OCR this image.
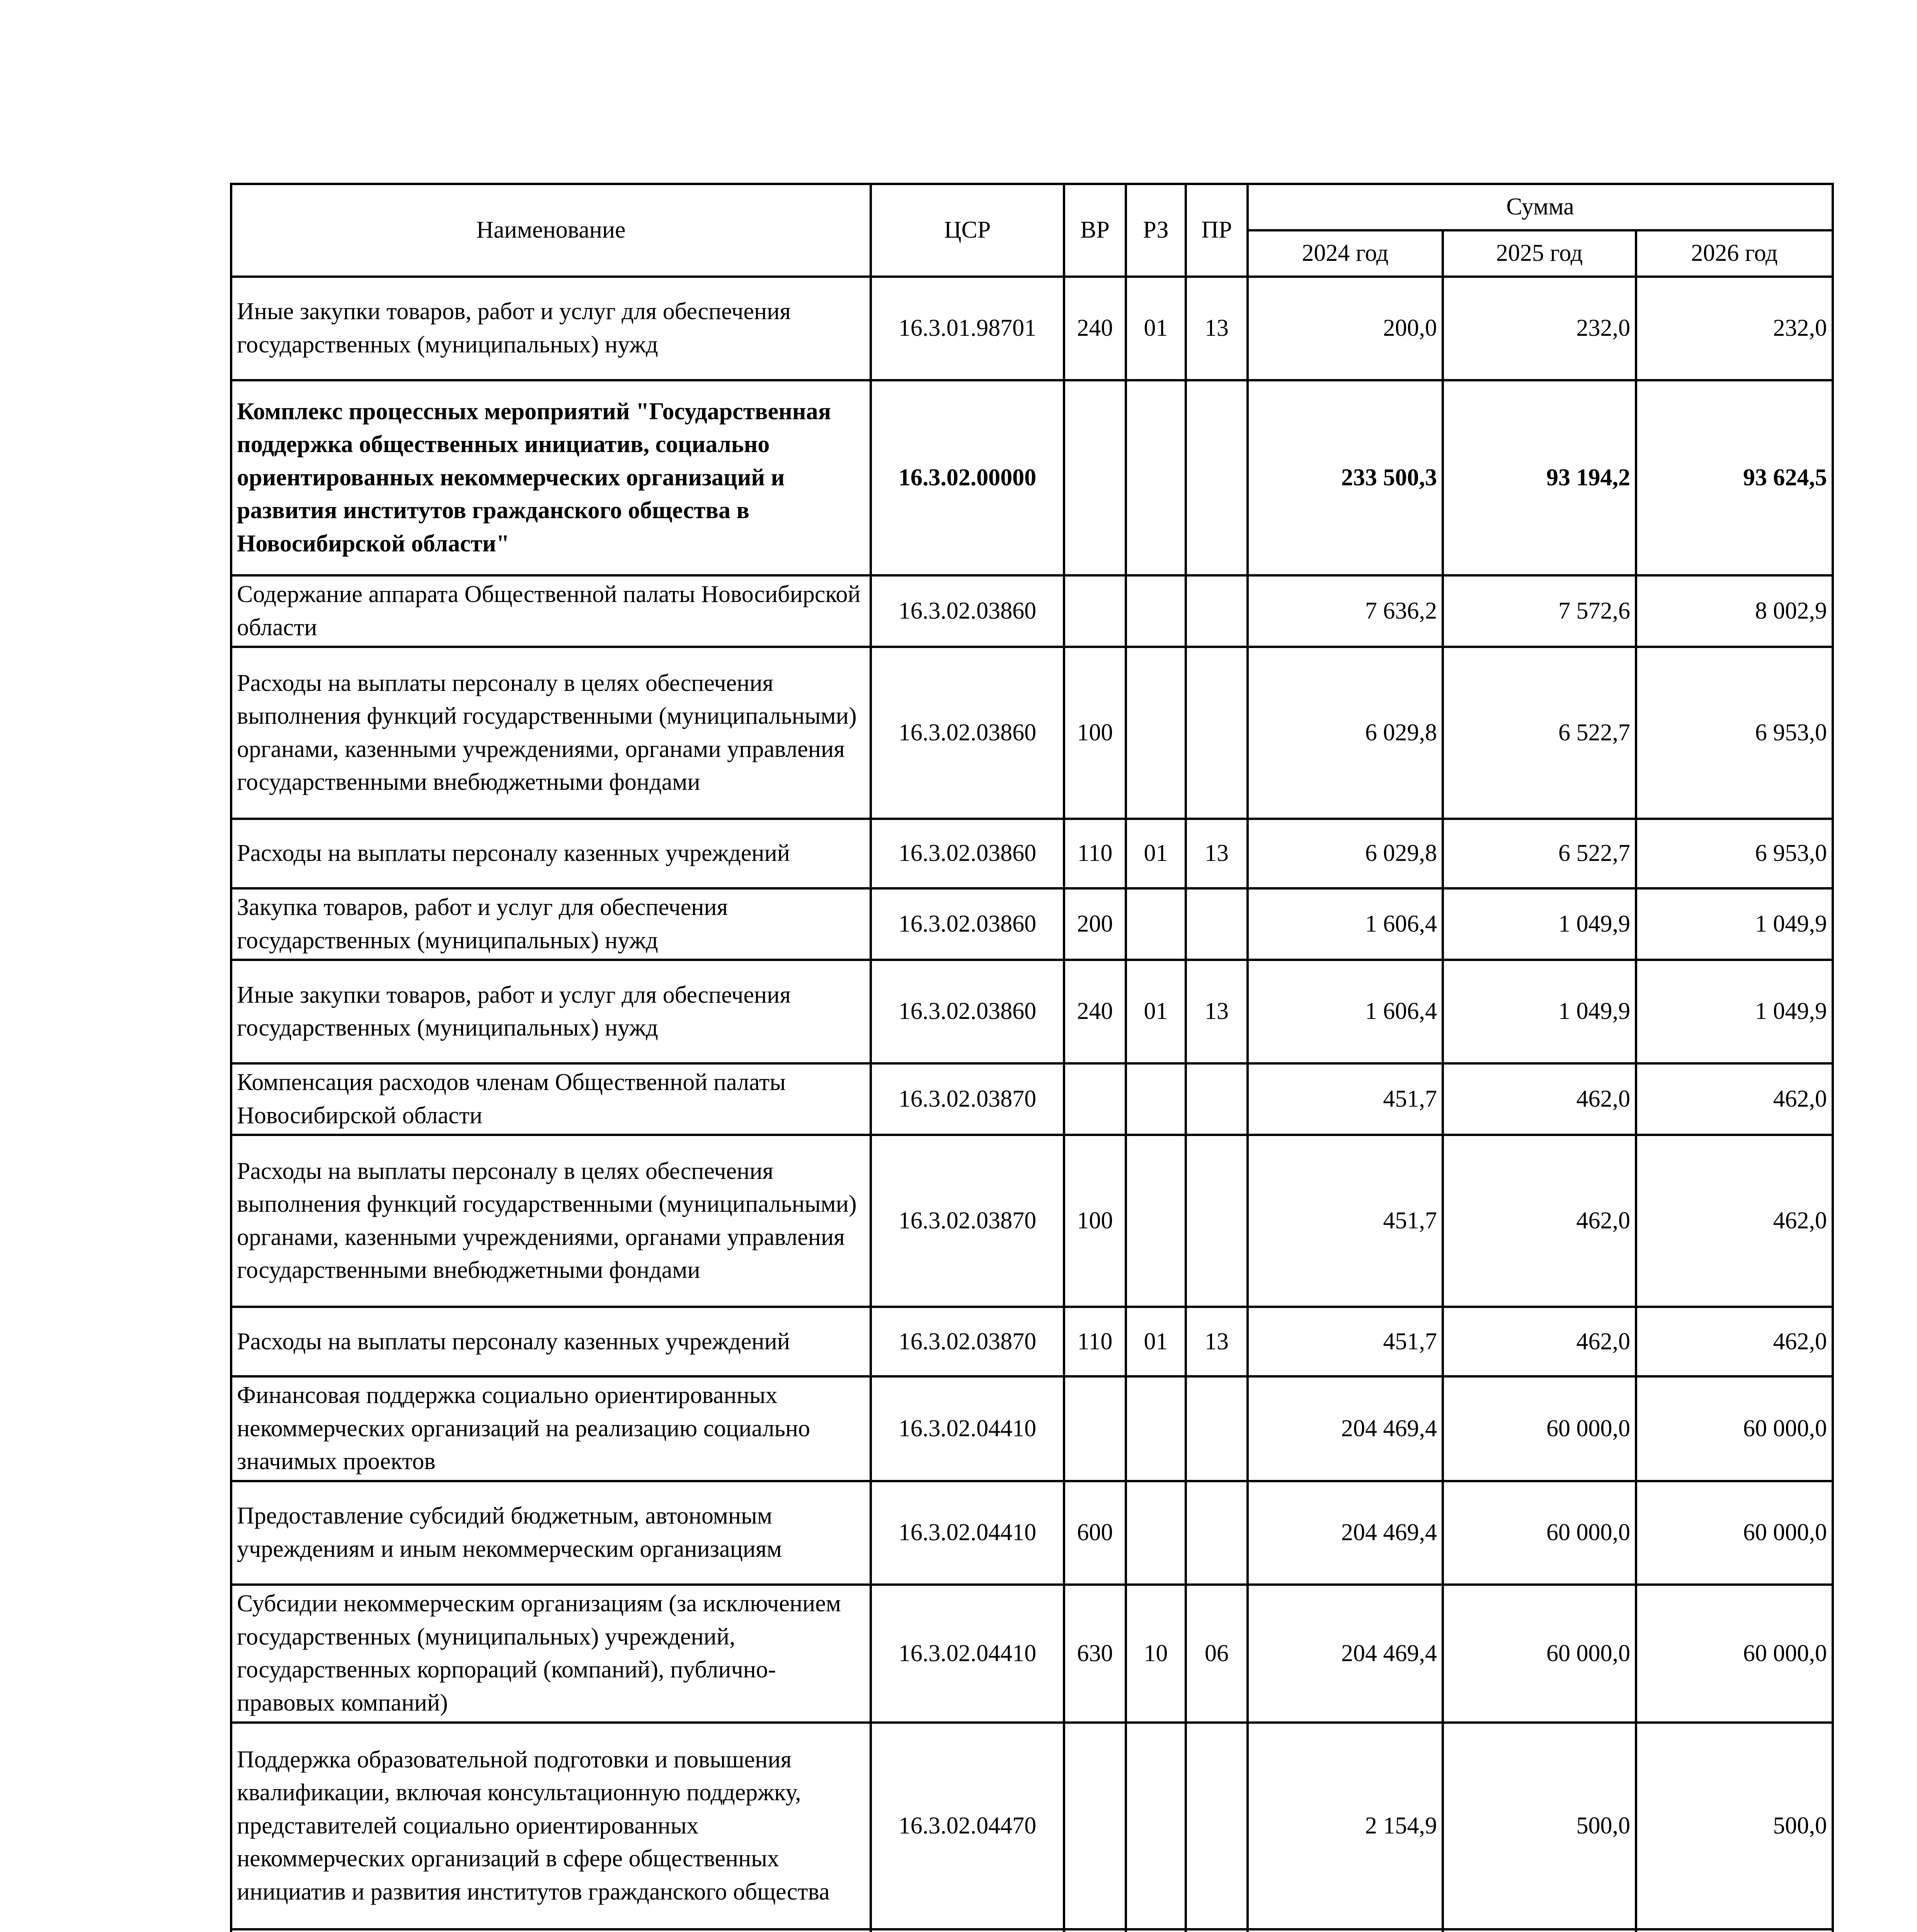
Наименование	ЦСР	ВР	РЗ	ПР	Сумма		
					2024 год	2025 год	2026 год
Иные закупки товаров, работ и услуг для обеспечения государственных (муниципальных) нужд	16.3.01.98701	240	01	13	200,0	232,0	232,0
Комплекс процессных мероприятий "Государственная поддержка общественных инициатив, социально ориентированных некоммерческих организаций и развития институтов гражданского общества в Новосибирской области"	16.3.02.00000				233 500,3	93 194,2	93 624,5
Содержание аппарата Общественной палаты Новосибирской области	16.3.02.03860				7 636,2	7 572,6	8 002,9
Расходы на выплаты персоналу в целях обеспечения выполнения функций государственными (муниципальными) органами, казенными учреждениями, органами управления государственными внебюджетными фондами	16.3.02.03860	100			6 029,8	6 522,7	6 953,0
Расходы на выплаты персоналу казенных учреждений	16.3.02.03860	110	01	13	6 029,8	6 522,7	6 953,0
Закупка товаров, работ и услуг для обеспечения государственных (муниципальных) нужд	16.3.02.03860	200			1 606,4	1 049,9	1 049,9
Иные закупки товаров, работ и услуг для обеспечения государственных (муниципальных) нужд	16.3.02.03860	240	01	13	1 606,4	1 049,9	1 049,9
Компенсация расходов членам Общественной палаты Новосибирской области	16.3.02.03870				451,7	462,0	462,0
Расходы на выплаты персоналу в целях обеспечения выполнения функций государственными (муниципальными) органами, казенными учреждениями, органами управления государственными внебюджетными фондами	16.3.02.03870	100			451,7	462,0	462,0
Расходы на выплаты персоналу казенных учреждений	16.3.02.03870	110	01	13	451,7	462,0	462,0
Финансовая поддержка социально ориентированных некоммерческих организаций на реализацию социально значимых проектов	16.3.02.04410				204 469,4	60 000,0	60 000,0
Предоставление субсидий бюджетным, автономным учреждениям и иным некоммерческим организациям	16.3.02.04410	600			204 469,4	60 000,0	60 000,0
Субсидии некоммерческим организациям (за исключением государственных (муниципальных) учреждений, государственных корпораций (компаний), публично-правовых компаний)	16.3.02.04410	630	10	06	204 469,4	60 000,0	60 000,0
Поддержка образовательной подготовки и повышения квалификации, включая консультационную поддержку, представителей социально ориентированных некоммерческих организаций в сфере общественных инициатив и развития институтов гражданского общества	16.3.02.04470				2 154,9	500,0	500,0
